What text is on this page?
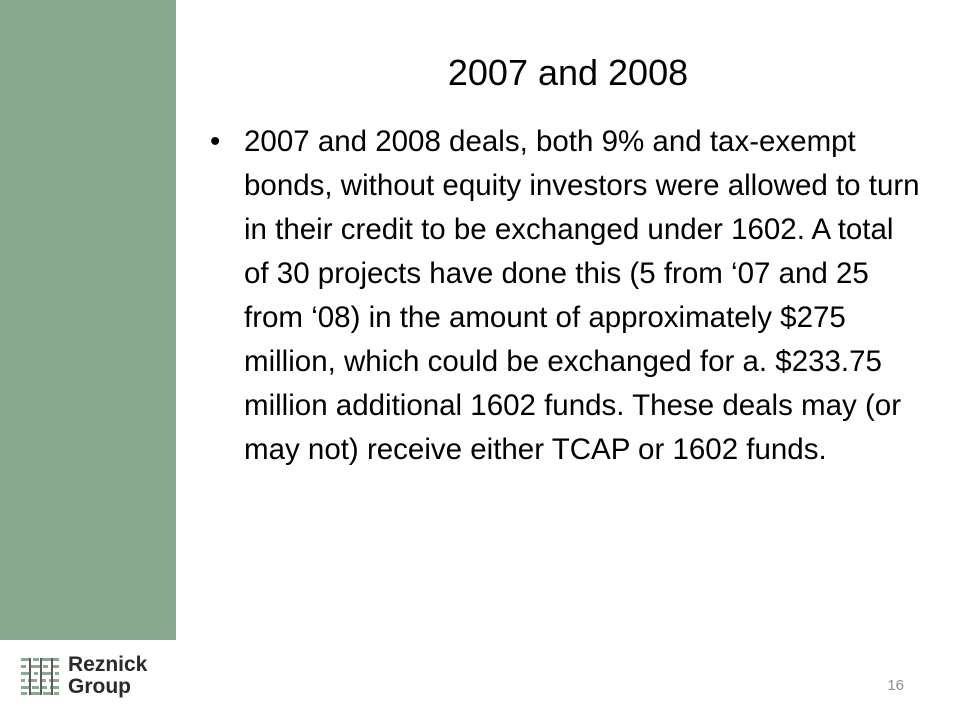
2007 and 2008
• 2007 and 2008 deals, both 9% and tax-exempt bonds, without equity investors were allowed to turn in their credit to be exchanged under 1602. A total of 30 projects have done this (5 from ‘07 and 25 from ‘08) in the amount of approximately $275 million, which could be exchanged for a. $233.75 million additional 1602 funds. These deals may (or may not) receive either TCAP or 1602 funds.
Reznick
Group	16
